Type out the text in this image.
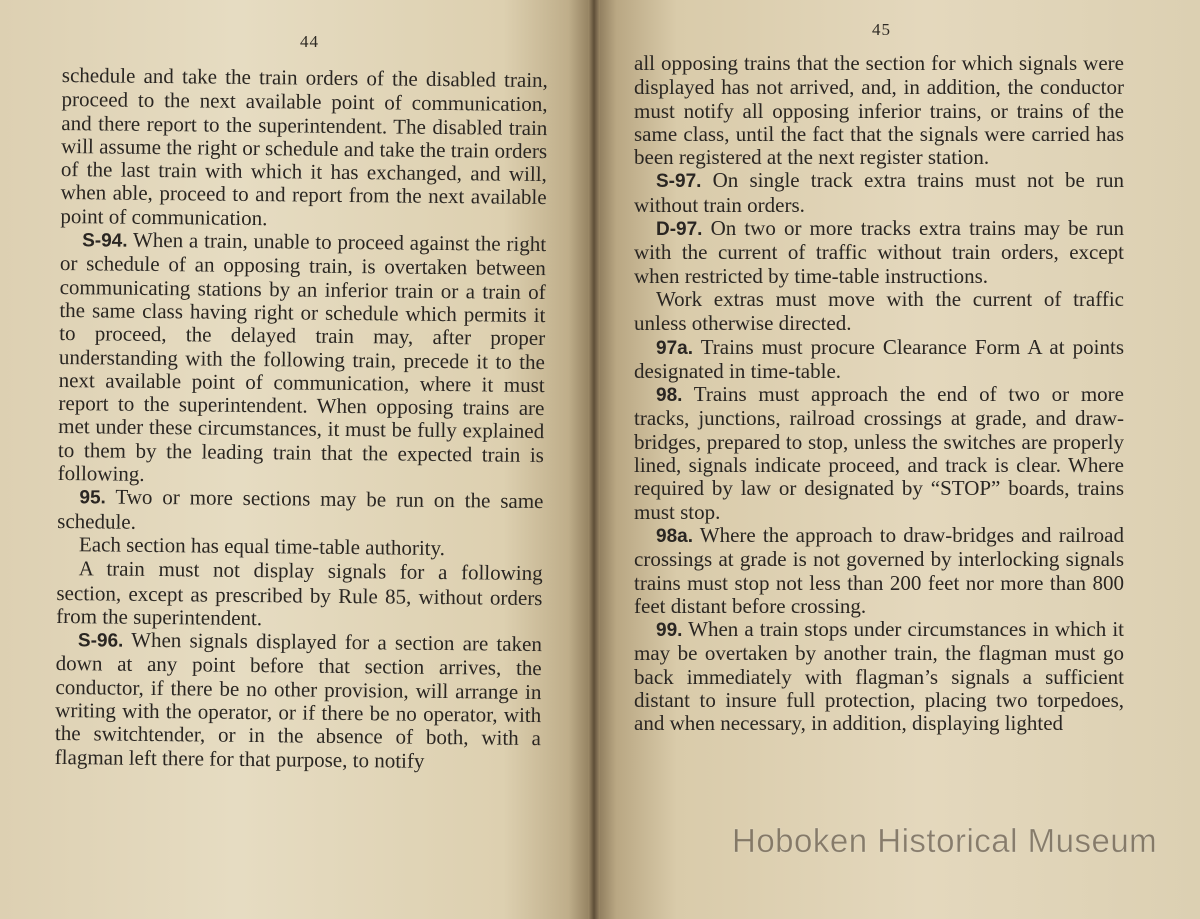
44

schedule and take the train orders of the disabled train, proceed to the next available point of communication, and there report to the superintendent. The disabled train will assume the right or schedule and take the train orders of the last train with which it has exchanged, and will, when able, proceed to and report from the next available point of communication.

S-94. When a train, unable to proceed against the right or schedule of an opposing train, is overtaken between communicating stations by an inferior train or a train of the same class having right or schedule which permits it to proceed, the delayed train may, after proper understanding with the following train, precede it to the next available point of communication, where it must report to the superintendent. When opposing trains are met under these circumstances, it must be fully explained to them by the leading train that the expected train is following.

95. Two or more sections may be run on the same schedule.

Each section has equal time-table authority.

A train must not display signals for a following section, except as prescribed by Rule 85, without orders from the superintendent.

S-96. When signals displayed for a section are taken down at any point before that section arrives, the conductor, if there be no other provision, will arrange in writing with the operator, or if there be no operator, with the switchtender, or in the absence of both, with a flagman left there for that purpose, to notify

45

all opposing trains that the section for which signals were displayed has not arrived, and, in addition, the conductor must notify all opposing inferior trains, or trains of the same class, until the fact that the signals were carried has been registered at the next register station.

S-97. On single track extra trains must not be run without train orders.

D-97. On two or more tracks extra trains may be run with the current of traffic without train orders, except when restricted by time-table instructions.

Work extras must move with the current of traffic unless otherwise directed.

97a. Trains must procure Clearance Form A at points designated in time-table.

98. Trains must approach the end of two or more tracks, junctions, railroad crossings at grade, and draw-bridges, prepared to stop, unless the switches are properly lined, signals indicate proceed, and track is clear. Where required by law or designated by “STOP” boards, trains must stop.

98a. Where the approach to draw-bridges and railroad crossings at grade is not governed by interlocking signals trains must stop not less than 200 feet nor more than 800 feet distant before crossing.

99. When a train stops under circumstances in which it may be overtaken by another train, the flagman must go back immediately with flagman’s signals a sufficient distant to insure full protection, placing two torpedoes, and when necessary, in addition, displaying lighted

Hoboken Historical Museum
